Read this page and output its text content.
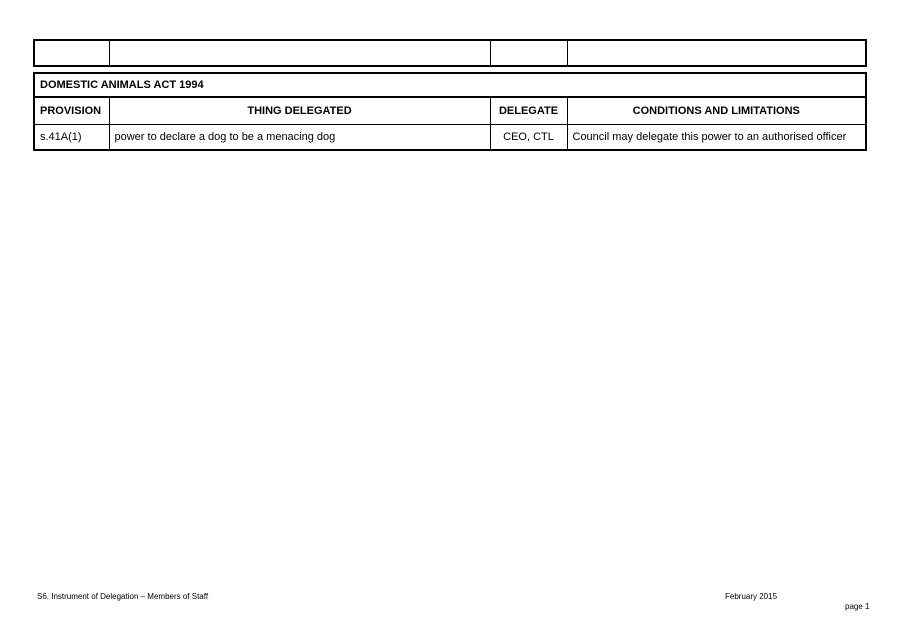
DOMESTIC ANIMALS ACT 1994			
PROVISION	THING DELEGATED	DELEGATE	CONDITIONS AND LIMITATIONS
s.41A(1)	power to declare a dog to be a menacing dog	CEO, CTL	Council may delegate this power to an authorised officer
S6. Instrument of Delegation – Members of Staff	February 2015
page 1
